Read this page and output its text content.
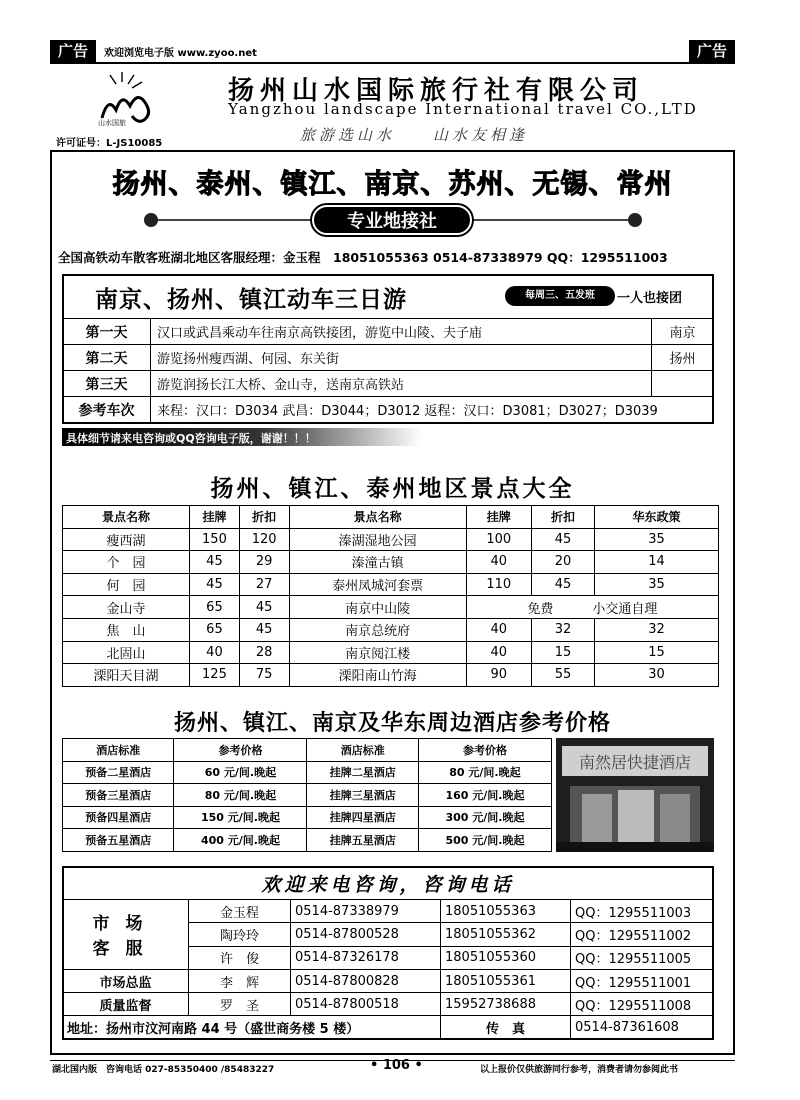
广告	欢迎浏览电子版 www.zyoo.net	广告
山水国旅
许可证号：L-JS10085
扬州山水国际旅行社有限公司
Yangzhou landscape International travel CO.,LTD
旅游选山水　　山水友相逢
扬州、泰州、镇江、南京、苏州、无锡、常州
专业地接社
全国高铁动车散客班湖北地区客服经理：金玉程　18051055363 0514-87338979 QQ：1295511003
南京、扬州、镇江动车三日游	每周三、五发班	一人也接团
第一天	汉口或武昌乘动车往南京高铁接团，游览中山陵、夫子庙	南京
第二天	游览扬州瘦西湖、何园、东关街	扬州
第三天	游览润扬长江大桥、金山寺，送南京高铁站	
参考车次	来程：汉口：D3034 武昌：D3044；D3012 返程：汉口：D3081；D3027；D3039	
具体细节请来电咨询或QQ咨询电子版，谢谢！！！
扬州、镇江、泰州地区景点大全
景点名称	挂牌	折扣	景点名称	挂牌	折扣	华东政策
瘦西湖	150	120	溱湖湿地公园	100	45	35
个　园	45	29	溱潼古镇	40	20	14
何　园	45	27	泰州凤城河套票	110	45	35
金山寺	65	45	南京中山陵	免费　　　小交通自理		
焦　山	65	45	南京总统府	40	32	32
北固山	40	28	南京阅江楼	40	15	15
溧阳天目湖	125	75	溧阳南山竹海	90	55	30
扬州、镇江、南京及华东周边酒店参考价格
酒店标准	参考价格	酒店标准	参考价格
预备二星酒店	60 元/间.晚起	挂牌二星酒店	80 元/间.晚起
预备三星酒店	80 元/间.晚起	挂牌三星酒店	160 元/间.晚起
预备四星酒店	150 元/间.晚起	挂牌四星酒店	300 元/间.晚起
预备五星酒店	400 元/间.晚起	挂牌五星酒店	500 元/间.晚起
南然居快捷酒店
欢迎来电咨询，咨询电话
市场
客服	金玉程	0514-87338979	18051055363	QQ：1295511003
	陶玲玲	0514-87800528	18051055362	QQ：1295511002
	许　俊	0514-87326178	18051055360	QQ：1295511005
市场总监	李　辉	0514-87800828	18051055361	QQ：1295511001
质量监督	罗　圣	0514-87800518	15952738688	QQ：1295511008
地址：扬州市汶河南路 44 号（盛世商务楼 5 楼）			传　真	0514-87361608
湖北国内版　咨询电话 027-85350400 /85483227	• 106 •	以上报价仅供旅游同行参考，消费者请勿参阅此书
